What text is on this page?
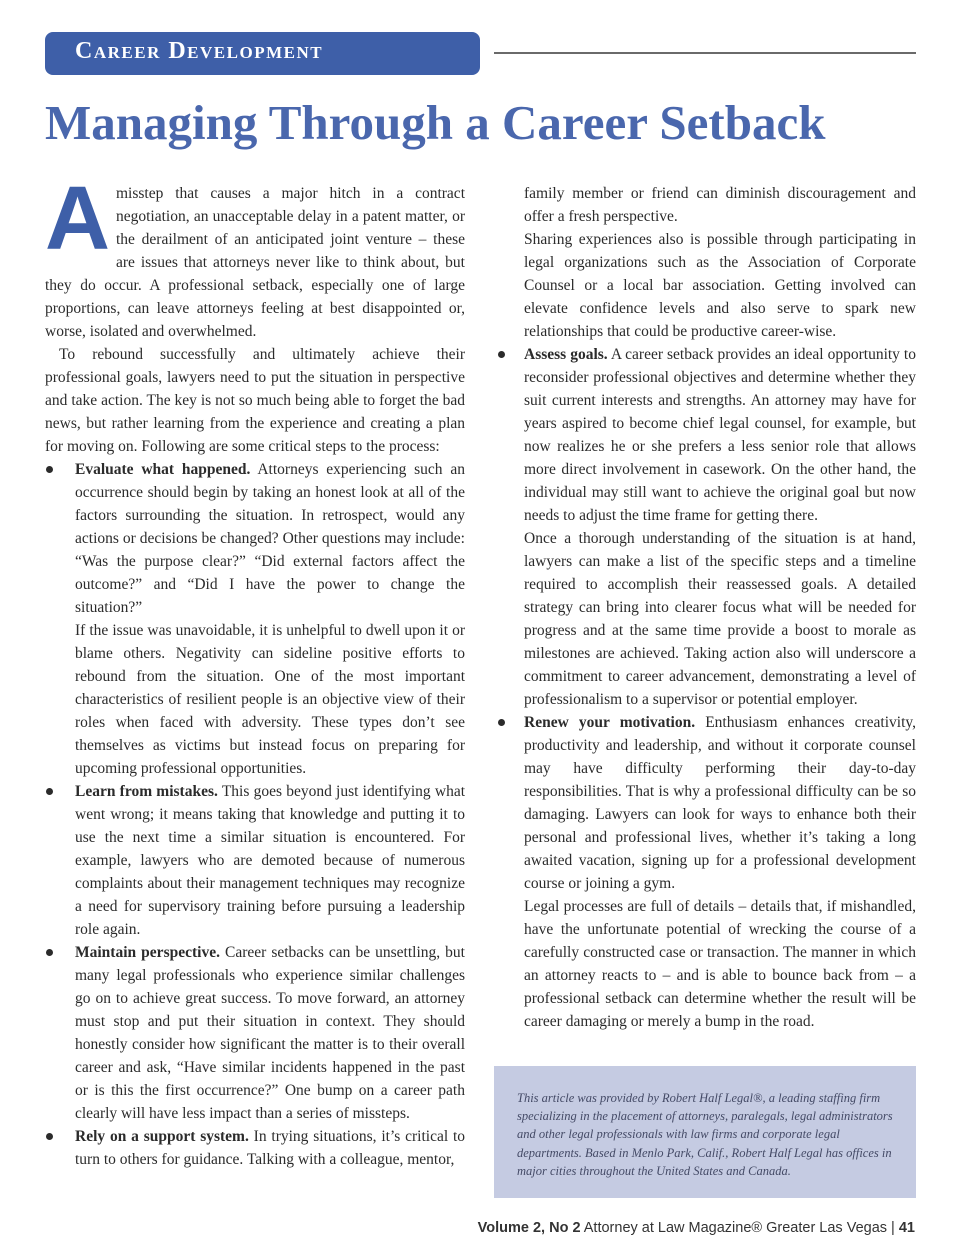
Career Development
Managing Through a Career Setback

Amisstep that causes a major hitch in a contract negotiation, an unacceptable delay in a patent matter, or the derailment of an anticipated joint venture – these are issues that attorneys never like to think about, but they do occur. A professional setback, especially one of large proportions, can leave attorneys feeling at best disappointed or, worse, isolated and overwhelmed.

To rebound successfully and ultimately achieve their professional goals, lawyers need to put the situation in perspective and take action. The key is not so much being able to forget the bad news, but rather learning from the experience and creating a plan for moving on. Following are some critical steps to the process:

Evaluate what happened. Attorneys experiencing such an occurrence should begin by taking an honest look at all of the factors surrounding the situation. In retrospect, would any actions or decisions be changed? Other questions may include: “Was the purpose clear?” “Did external factors affect the outcome?” and “Did I have the power to change the situation?”

If the issue was unavoidable, it is unhelpful to dwell upon it or blame others. Negativity can sideline positive efforts to rebound from the situation. One of the most important characteristics of resilient people is an objective view of their roles when faced with adversity. These types don’t see themselves as victims but instead focus on preparing for upcoming professional opportunities.

Learn from mistakes. This goes beyond just identifying what went wrong; it means taking that knowledge and putting it to use the next time a similar situation is encountered. For example, lawyers who are demoted because of numerous complaints about their management techniques may recognize a need for supervisory training before pursuing a leadership role again.

Maintain perspective. Career setbacks can be unsettling, but many legal professionals who experience similar challenges go on to achieve great success. To move forward, an attorney must stop and put their situation in context. They should honestly consider how significant the matter is to their overall career and ask, “Have similar incidents happened in the past or is this the first occurrence?” One bump on a career path clearly will have less impact than a series of missteps.

Rely on a support system. In trying situations, it’s critical to turn to others for guidance. Talking with a colleague, mentor,

family member or friend can diminish discouragement and offer a fresh perspective.

Sharing experiences also is possible through participating in legal organizations such as the Association of Corporate Counsel or a local bar association. Getting involved can elevate confidence levels and also serve to spark new relationships that could be productive career-wise.

Assess goals. A career setback provides an ideal opportunity to reconsider professional objectives and determine whether they suit current interests and strengths. An attorney may have for years aspired to become chief legal counsel, for example, but now realizes he or she prefers a less senior role that allows more direct involvement in casework. On the other hand, the individual may still want to achieve the original goal but now needs to adjust the time frame for getting there.

Once a thorough understanding of the situation is at hand, lawyers can make a list of the specific steps and a timeline required to accomplish their reassessed goals. A detailed strategy can bring into clearer focus what will be needed for progress and at the same time provide a boost to morale as milestones are achieved. Taking action also will underscore a commitment to career advancement, demonstrating a level of professionalism to a supervisor or potential employer.

Renew your motivation. Enthusiasm enhances creativity, productivity and leadership, and without it corporate counsel may have difficulty performing their day-to-day responsibilities. That is why a professional difficulty can be so damaging. Lawyers can look for ways to enhance both their personal and professional lives, whether it’s taking a long awaited vacation, signing up for a professional development course or joining a gym.

Legal processes are full of details – details that, if mishandled, have the unfortunate potential of wrecking the course of a carefully constructed case or transaction. The manner in which an attorney reacts to – and is able to bounce back from – a professional setback can determine whether the result will be career damaging or merely a bump in the road.

This article was provided by Robert Half Legal®, a leading staffing firm specializing in the placement of attorneys, paralegals, legal administrators and other legal professionals with law firms and corporate legal departments. Based in Menlo Park, Calif., Robert Half Legal has offices in major cities throughout the United States and Canada.
Volume 2, No 2 Attorney at Law Magazine® Greater Las Vegas | 41
